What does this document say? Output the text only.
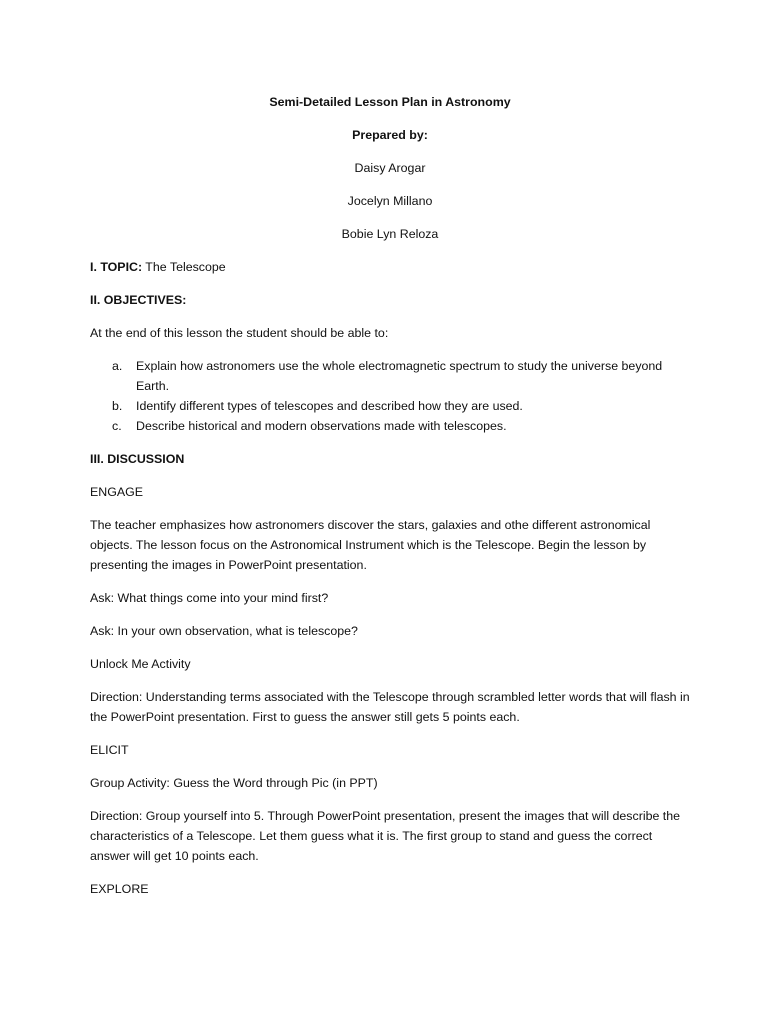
Semi-Detailed Lesson Plan in Astronomy

Prepared by:

Daisy Arogar

Jocelyn Millano

Bobie Lyn Reloza

I. TOPIC: The Telescope

II. OBJECTIVES:

At the end of this lesson the student should be able to:

a. Explain how astronomers use the whole electromagnetic spectrum to study the universe beyond Earth.
b. Identify different types of telescopes and described how they are used.
c. Describe historical and modern observations made with telescopes.

III. DISCUSSION

ENGAGE

The teacher emphasizes how astronomers discover the stars, galaxies and othe different astronomical objects. The lesson focus on the Astronomical Instrument which is the Telescope. Begin the lesson by presenting the images in PowerPoint presentation.

Ask: What things come into your mind first?

Ask: In your own observation, what is telescope?

Unlock Me Activity

Direction: Understanding terms associated with the Telescope through scrambled letter words that will flash in the PowerPoint presentation. First to guess the answer still gets 5 points each.

ELICIT

Group Activity: Guess the Word through Pic (in PPT)

Direction: Group yourself into 5. Through PowerPoint presentation, present the images that will describe the characteristics of a Telescope. Let them guess what it is. The first group to stand and guess the correct answer will get 10 points each.

EXPLORE
